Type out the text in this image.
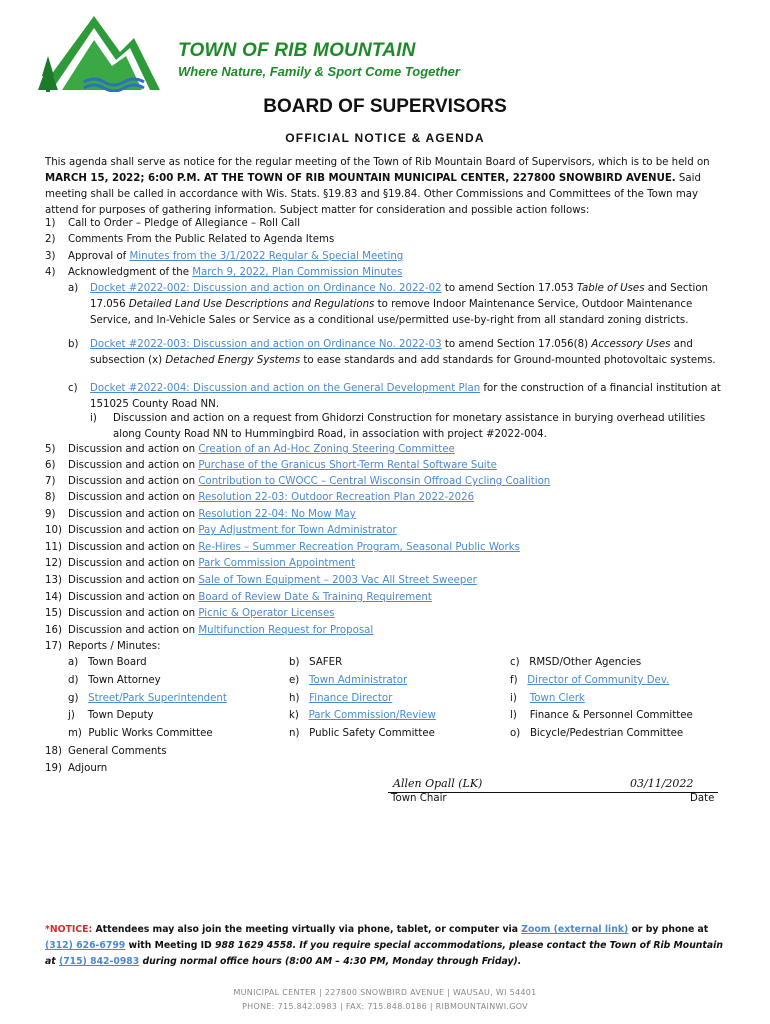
TOWN OF RIB MOUNTAIN
Where Nature, Family & Sport Come Together
BOARD OF SUPERVISORS
OFFICIAL NOTICE & AGENDA
This agenda shall serve as notice for the regular meeting of the Town of Rib Mountain Board of Supervisors, which is to be held on MARCH 15, 2022; 6:00 P.M. AT THE TOWN OF RIB MOUNTAIN MUNICIPAL CENTER, 227800 SNOWBIRD AVENUE. Said meeting shall be called in accordance with Wis. Stats. §19.83 and §19.84. Other Commissions and Committees of the Town may attend for purposes of gathering information. Subject matter for consideration and possible action follows:
1) Call to Order – Pledge of Allegiance – Roll Call
2) Comments From the Public Related to Agenda Items
3) Approval of Minutes from the 3/1/2022 Regular & Special Meeting
4) Acknowledgment of the March 9, 2022, Plan Commission Minutes
a) Docket #2022-002: Discussion and action on Ordinance No. 2022-02 to amend Section 17.053 Table of Uses and Section 17.056 Detailed Land Use Descriptions and Regulations to remove Indoor Maintenance Service, Outdoor Maintenance Service, and In-Vehicle Sales or Service as a conditional use/permitted use-by-right from all standard zoning districts.
b) Docket #2022-003: Discussion and action on Ordinance No. 2022-03 to amend Section 17.056(8) Accessory Uses and subsection (x) Detached Energy Systems to ease standards and add standards for Ground-mounted photovoltaic systems.
c) Docket #2022-004: Discussion and action on the General Development Plan for the construction of a financial institution at 151025 County Road NN.
i) Discussion and action on a request from Ghidorzi Construction for monetary assistance in burying overhead utilities along County Road NN to Hummingbird Road, in association with project #2022-004.
5) Discussion and action on Creation of an Ad-Hoc Zoning Steering Committee
6) Discussion and action on Purchase of the Granicus Short-Term Rental Software Suite
7) Discussion and action on Contribution to CWOCC – Central Wisconsin Offroad Cycling Coalition
8) Discussion and action on Resolution 22-03: Outdoor Recreation Plan 2022-2026
9) Discussion and action on Resolution 22-04: No Mow May
10) Discussion and action on Pay Adjustment for Town Administrator
11) Discussion and action on Re-Hires – Summer Recreation Program, Seasonal Public Works
12) Discussion and action on Park Commission Appointment
13) Discussion and action on Sale of Town Equipment – 2003 Vac All Street Sweeper
14) Discussion and action on Board of Review Date & Training Requirement
15) Discussion and action on Picnic & Operator Licenses
16) Discussion and action on Multifunction Request for Proposal
17) Reports / Minutes:
a) Town Board	b) SAFER	c) RMSD/Other Agencies
d) Town Attorney	e) Town Administrator	f) Director of Community Dev.
g) Street/Park Superintendent	h) Finance Director	i) Town Clerk
j) Town Deputy	k) Park Commission/Review	l) Finance & Personnel Committee
m) Public Works Committee	n) Public Safety Committee	o) Bicycle/Pedestrian Committee
18) General Comments
19) Adjourn
Allen Opall (LK)	03/11/2022
Town Chair	Date
*NOTICE: Attendees may also join the meeting virtually via phone, tablet, or computer via Zoom (external link) or by phone at (312) 626-6799 with Meeting ID 988 1629 4558. If you require special accommodations, please contact the Town of Rib Mountain at (715) 842-0983 during normal office hours (8:00 AM – 4:30 PM, Monday through Friday).
MUNICIPAL CENTER | 227800 SNOWBIRD AVENUE | WAUSAU, WI 54401
PHONE: 715.842.0983 | FAX: 715.848.0186 | RIBMOUNTAINWI.GOV
